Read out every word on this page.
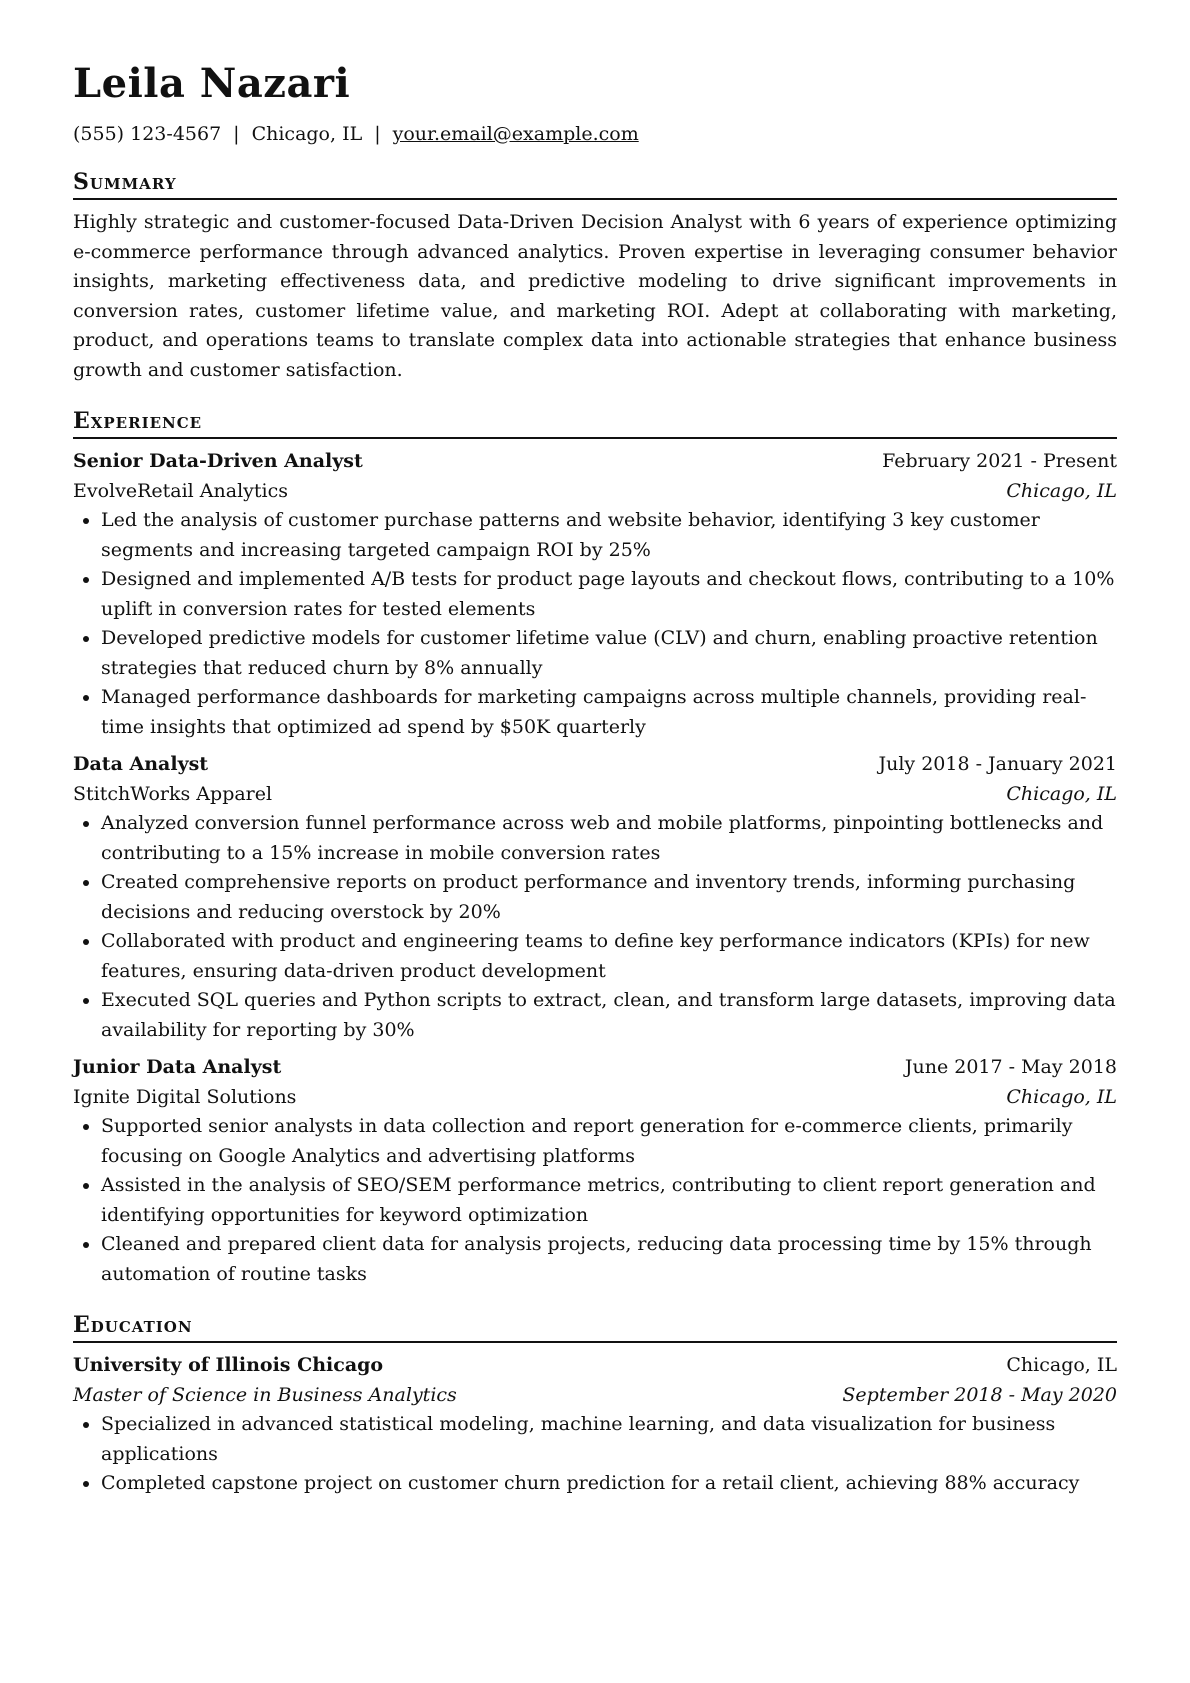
Leila Nazari
(555) 123-4567 | Chicago, IL | your.email@example.com
Summary
Highly strategic and customer-focused Data-Driven Decision Analyst with 6 years of experience optimizing e-commerce performance through advanced analytics. Proven expertise in leveraging consumer behavior insights, marketing effectiveness data, and predictive modeling to drive significant improvements in conversion rates, customer lifetime value, and marketing ROI. Adept at collaborating with marketing, product, and operations teams to translate complex data into actionable strategies that enhance business growth and customer satisfaction.
Experience
Senior Data-Driven Analyst	February 2021 - Present
EvolveRetail Analytics	Chicago, IL
• Led the analysis of customer purchase patterns and website behavior, identifying 3 key customer segments and increasing targeted campaign ROI by 25%
• Designed and implemented A/B tests for product page layouts and checkout flows, contributing to a 10% uplift in conversion rates for tested elements
• Developed predictive models for customer lifetime value (CLV) and churn, enabling proactive retention strategies that reduced churn by 8% annually
• Managed performance dashboards for marketing campaigns across multiple channels, providing real-time insights that optimized ad spend by $50K quarterly
Data Analyst	July 2018 - January 2021
StitchWorks Apparel	Chicago, IL
• Analyzed conversion funnel performance across web and mobile platforms, pinpointing bottlenecks and contributing to a 15% increase in mobile conversion rates
• Created comprehensive reports on product performance and inventory trends, informing purchasing decisions and reducing overstock by 20%
• Collaborated with product and engineering teams to define key performance indicators (KPIs) for new features, ensuring data-driven product development
• Executed SQL queries and Python scripts to extract, clean, and transform large datasets, improving data availability for reporting by 30%
Junior Data Analyst	June 2017 - May 2018
Ignite Digital Solutions	Chicago, IL
• Supported senior analysts in data collection and report generation for e-commerce clients, primarily focusing on Google Analytics and advertising platforms
• Assisted in the analysis of SEO/SEM performance metrics, contributing to client report generation and identifying opportunities for keyword optimization
• Cleaned and prepared client data for analysis projects, reducing data processing time by 15% through automation of routine tasks
Education
University of Illinois Chicago	Chicago, IL
Master of Science in Business Analytics	September 2018 - May 2020
• Specialized in advanced statistical modeling, machine learning, and data visualization for business applications
• Completed capstone project on customer churn prediction for a retail client, achieving 88% accuracy
